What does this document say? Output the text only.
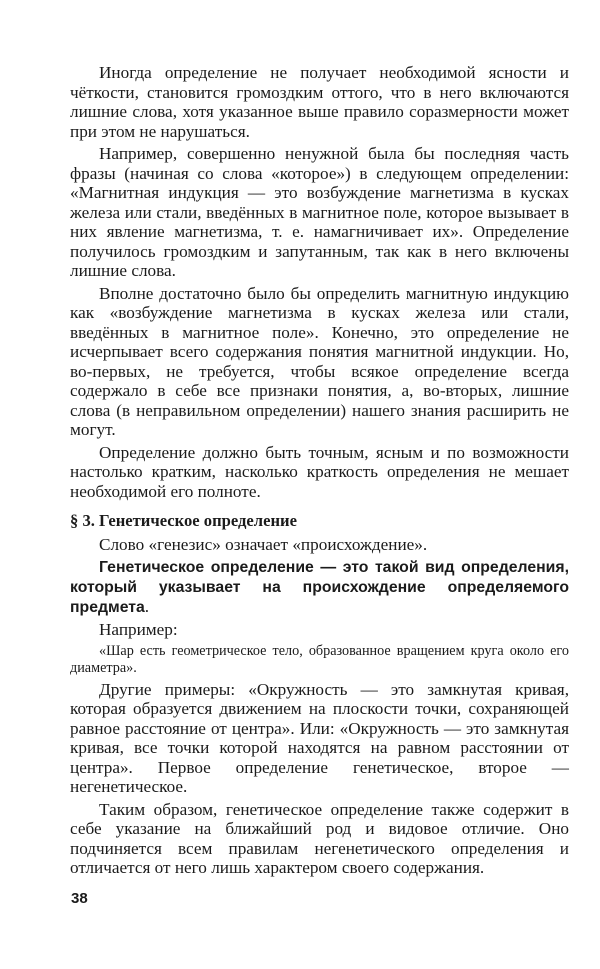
Иногда определение не получает необходимой ясности и чёткости, становится громоздким оттого, что в него включаются лишние слова, хотя указанное выше правило соразмерности может при этом не нарушаться.

Например, совершенно ненужной была бы последняя часть фразы (начиная со слова «которое») в следующем определении: «Магнитная индукция — это возбуждение магнетизма в кусках железа или стали, введённых в магнитное поле, которое вызывает в них явление магнетизма, т. е. намагничивает их». Определение получилось громоздким и запутанным, так как в него включены лишние слова.

Вполне достаточно было бы определить магнитную индукцию как «возбуждение магнетизма в кусках железа или стали, введённых в магнитное поле». Конечно, это определение не исчерпывает всего содержания понятия магнитной индукции. Но, во-первых, не требуется, чтобы всякое определение всегда содержало в себе все признаки понятия, а, во-вторых, лишние слова (в неправильном определении) нашего знания расширить не могут.

Определение должно быть точным, ясным и по возможности настолько кратким, насколько краткость определения не мешает необходимой его полноте.

§ 3. Генетическое определение

Слово «генезис» означает «происхождение».

Генетическое определение — это такой вид определения, который указывает на происхождение определяемого предмета.

Например:

«Шар есть геометрическое тело, образованное вращением круга около его диаметра».

Другие примеры: «Окружность — это замкнутая кривая, которая образуется движением на плоскости точки, сохраняющей равное расстояние от центра». Или: «Окружность — это замкнутая кривая, все точки которой находятся на равном расстоянии от центра». Первое определение генетическое, второе — негенетическое.

Таким образом, генетическое определение также содержит в себе указание на ближайший род и видовое отличие. Оно подчиняется всем правилам негенетического определения и отличается от него лишь характером своего содержания.

38
